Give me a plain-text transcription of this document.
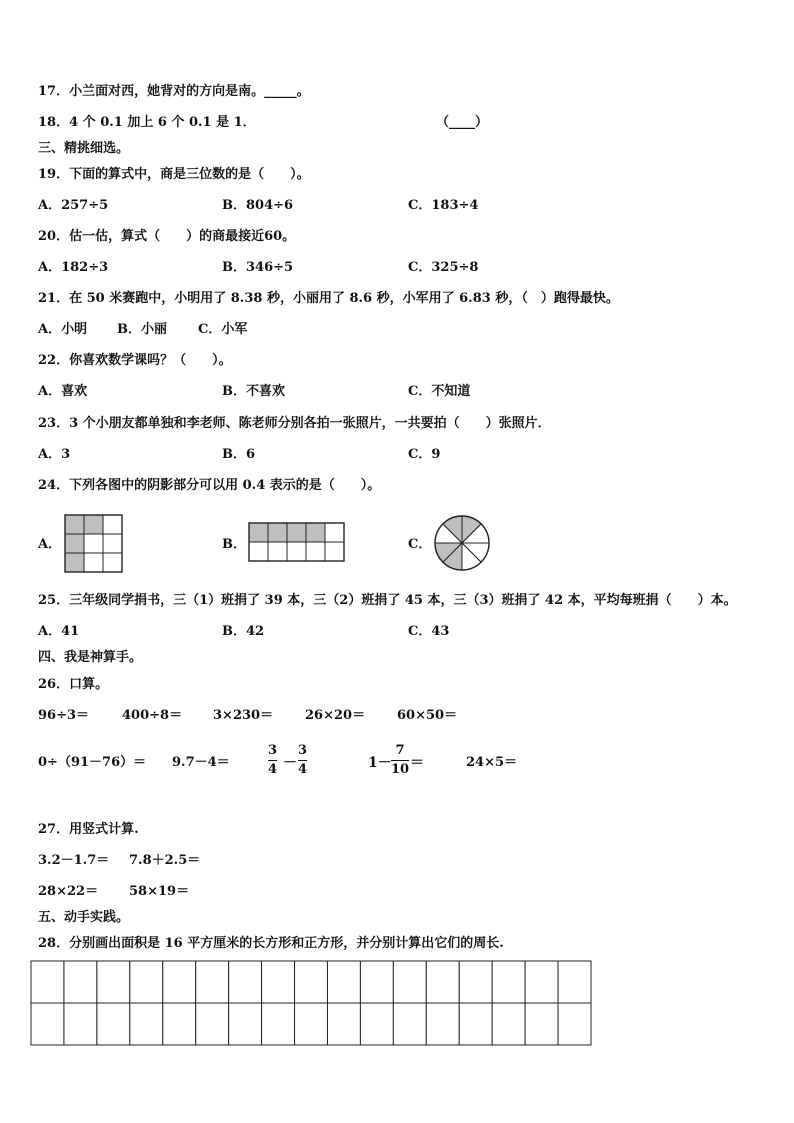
17．小兰面对西，她背对的方向是南。_____。
18．4 个 0.1 加上 6 个 0.1 是 1．	（____）
三、精挑细选。
19．下面的算式中，商是三位数的是（　　）。
A．257÷5	B．804÷6	C．183÷4
20．估一估，算式（　　）的商最接近60。
A．182÷3	B．346÷5	C．325÷8
21．在 50 米赛跑中，小明用了 8.38 秒，小丽用了 8.6 秒，小军用了 6.83 秒，（　）跑得最快。
A．小明 B．小丽 C．小军
22．你喜欢数学课吗？（　　）。
A．喜欢	B．不喜欢	C．不知道
23．3 个小朋友都单独和李老师、陈老师分别各拍一张照片，一共要拍（　　）张照片．
A．3	B．6	C．9
24．下列各图中的阴影部分可以用 0.4 表示的是（　　）。
A．	B．	C．
25．三年级同学捐书，三（1）班捐了 39 本，三（2）班捐了 45 本，三（3）班捐了 42 本，平均每班捐（　　）本。
A．41	B．42	C．43
四、我是神算手。
26．口算。
96÷3＝	400÷8＝ 3×230＝ 26×20＝ 60×50＝
0÷（91－76）＝ 9.7－4＝
3
4 －
3
4	1－
7
10 ＝	24×5＝
27．用竖式计算.
3.2－1.7＝ 7.8＋2.5＝
28×22＝ 58×19＝
五、动手实践。
28．分别画出面积是 16 平方厘米的长方形和正方形，并分别计算出它们的周长.
